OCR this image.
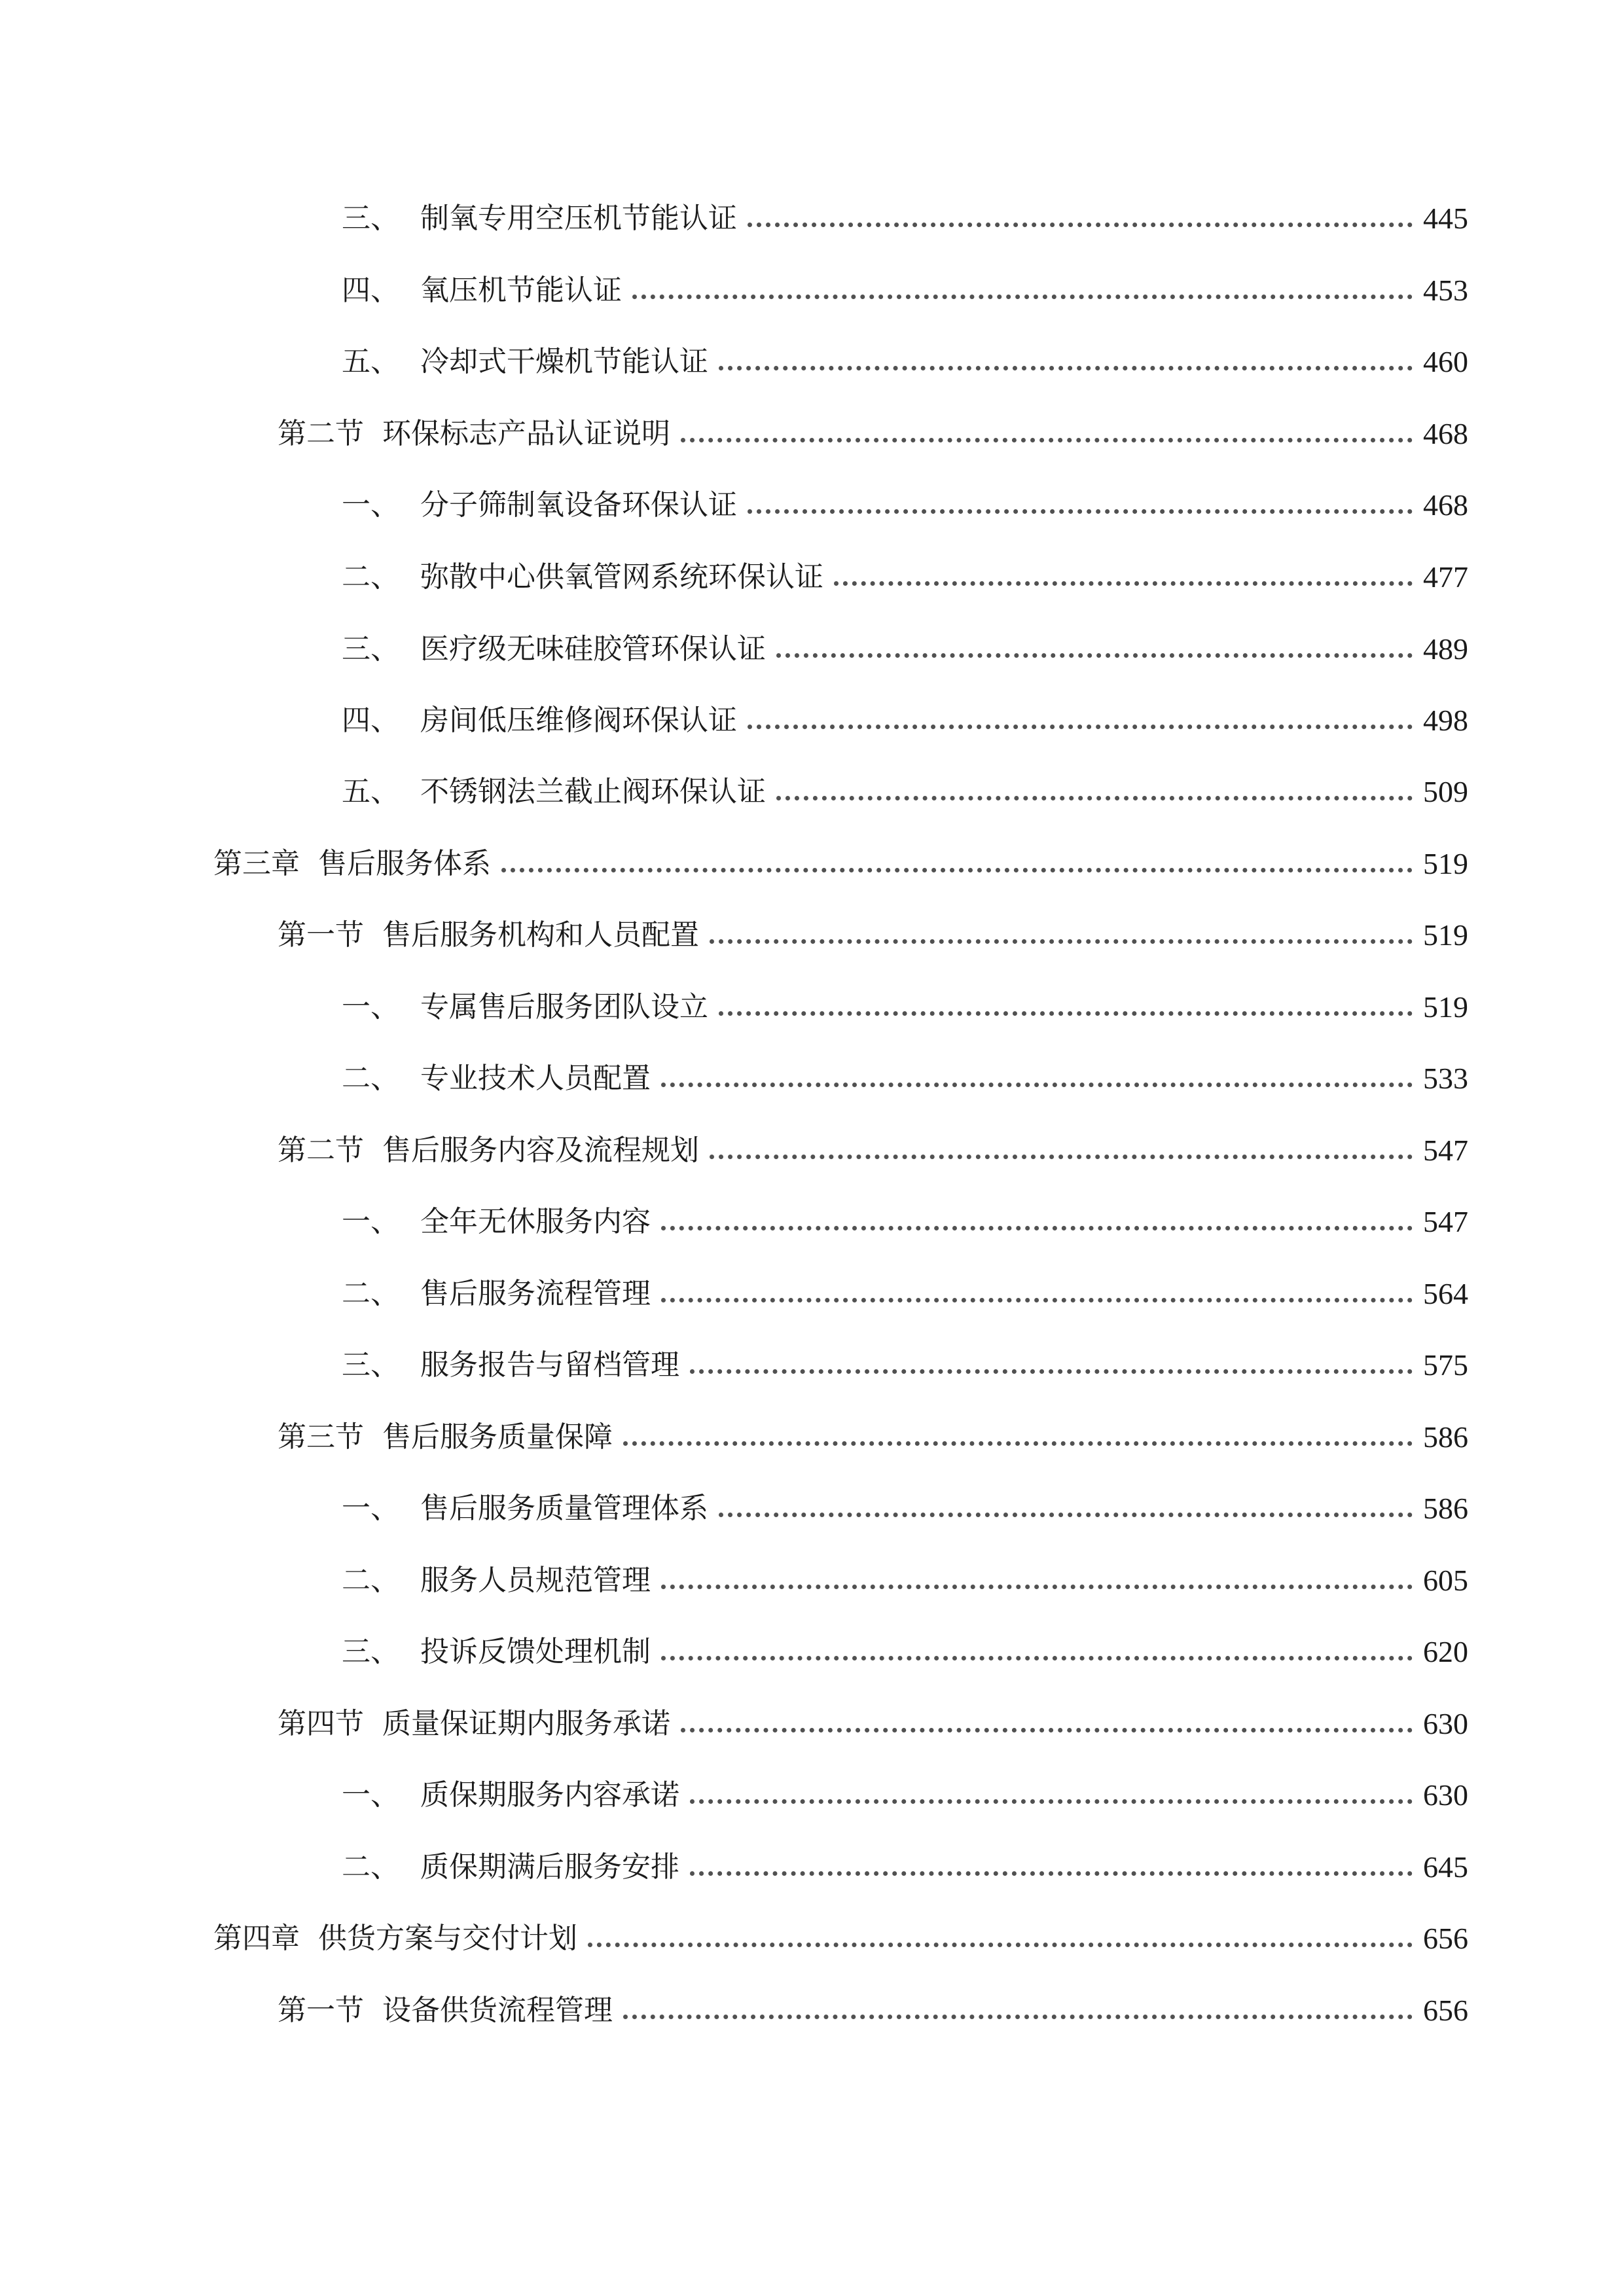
三、 制氧专用空压机节能认证	445
四、 氧压机节能认证	453
五、 冷却式干燥机节能认证	460
第二节 环保标志产品认证说明	468
一、 分子筛制氧设备环保认证	468
二、 弥散中心供氧管网系统环保认证	477
三、 医疗级无味硅胶管环保认证	489
四、 房间低压维修阀环保认证	498
五、 不锈钢法兰截止阀环保认证	509
第三章 售后服务体系	519
第一节 售后服务机构和人员配置	519
一、 专属售后服务团队设立	519
二、 专业技术人员配置	533
第二节 售后服务内容及流程规划	547
一、 全年无休服务内容	547
二、 售后服务流程管理	564
三、 服务报告与留档管理	575
第三节 售后服务质量保障	586
一、 售后服务质量管理体系	586
二、 服务人员规范管理	605
三、 投诉反馈处理机制	620
第四节 质量保证期内服务承诺	630
一、 质保期服务内容承诺	630
二、 质保期满后服务安排	645
第四章 供货方案与交付计划	656
第一节 设备供货流程管理	656
